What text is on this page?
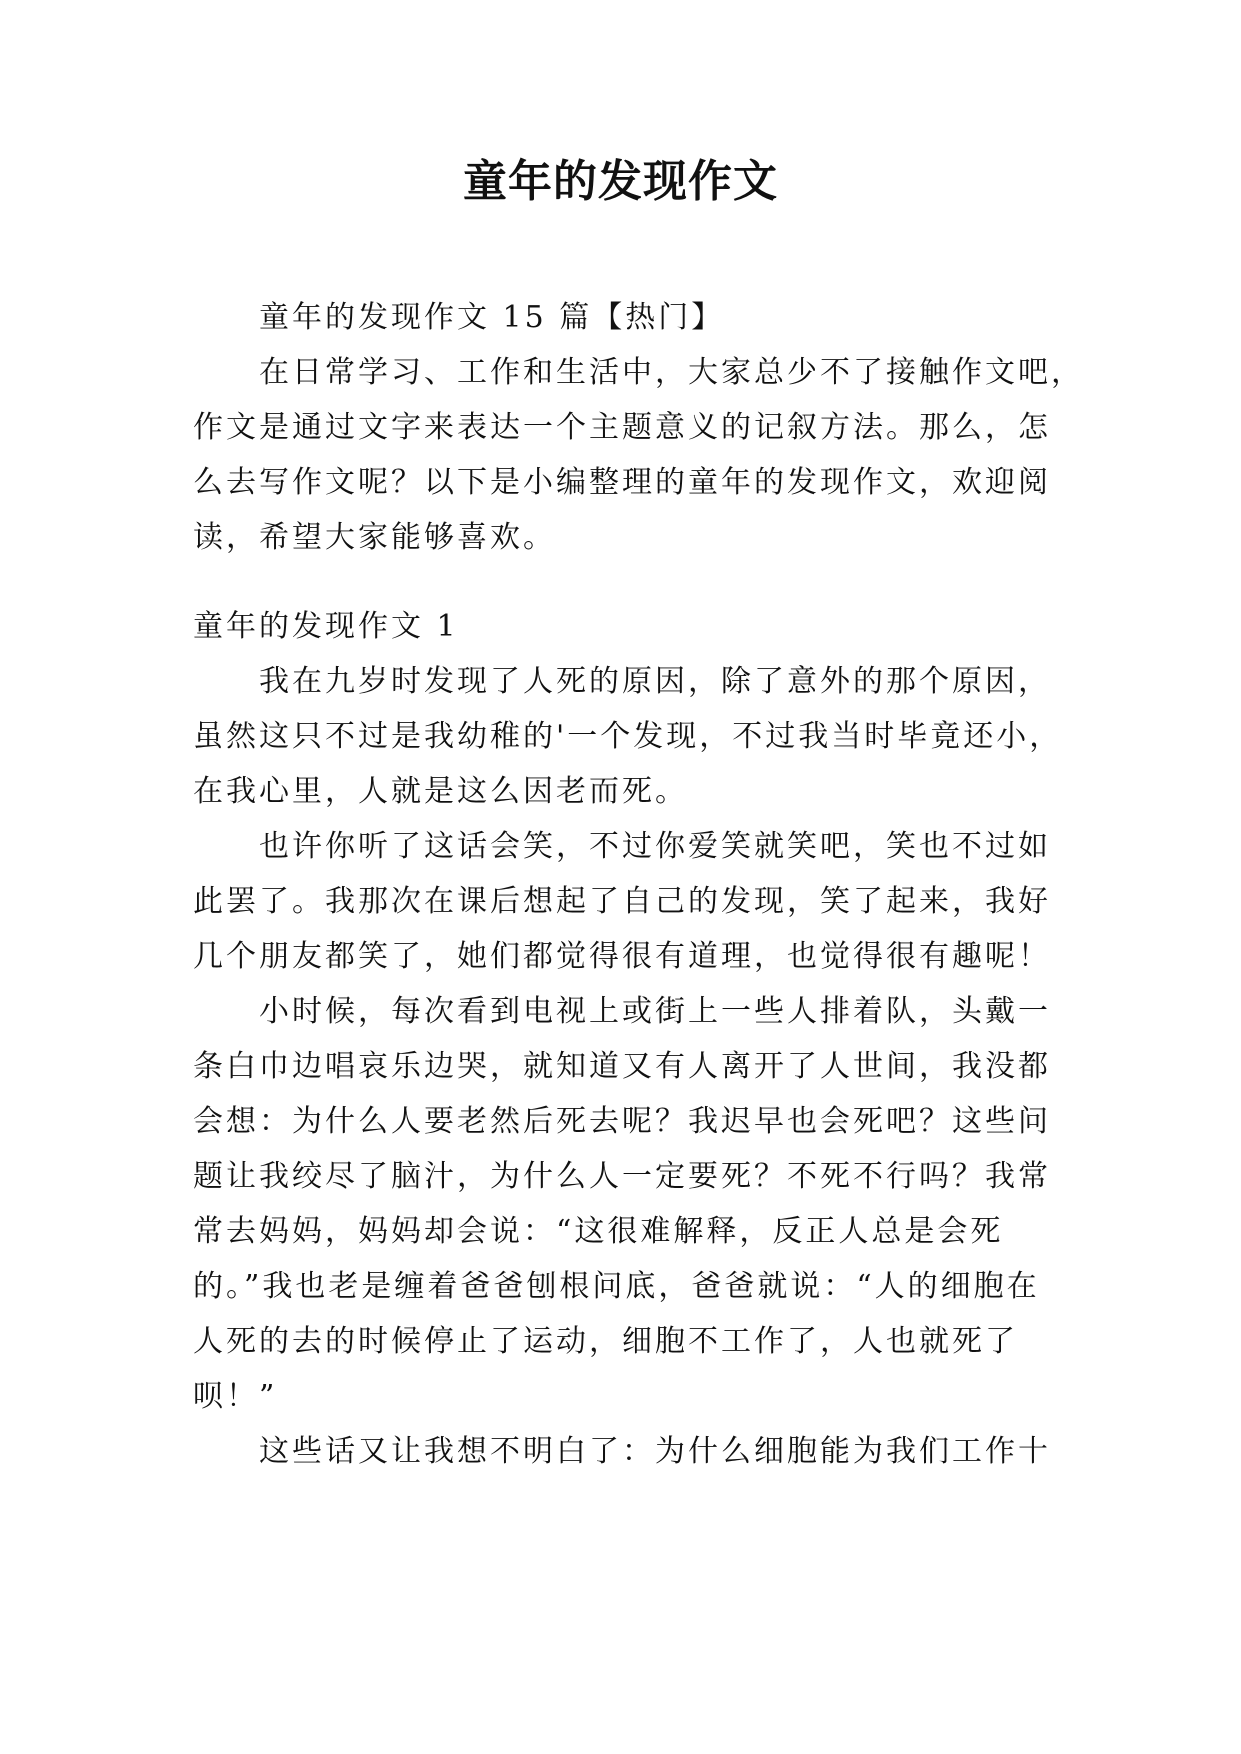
童年的发现作文
童年的发现作文 15 篇【热门】
在日常学习、工作和生活中，大家总少不了接触作文吧，
作文是通过文字来表达一个主题意义的记叙方法。那么，怎
么去写作文呢？以下是小编整理的童年的发现作文，欢迎阅
读，希望大家能够喜欢。
童年的发现作文 1
我在九岁时发现了人死的原因，除了意外的那个原因，
虽然这只不过是我幼稚的'一个发现，不过我当时毕竟还小，
在我心里，人就是这么因老而死。
也许你听了这话会笑，不过你爱笑就笑吧，笑也不过如
此罢了。我那次在课后想起了自己的发现，笑了起来，我好
几个朋友都笑了，她们都觉得很有道理，也觉得很有趣呢！
小时候，每次看到电视上或街上一些人排着队，头戴一
条白巾边唱哀乐边哭，就知道又有人离开了人世间，我没都
会想：为什么人要老然后死去呢？我迟早也会死吧？这些问
题让我绞尽了脑汁，为什么人一定要死？不死不行吗？我常
常去妈妈，妈妈却会说：“这很难解释，反正人总是会死
的。”我也老是缠着爸爸刨根问底，爸爸就说：“人的细胞在
人死的去的时候停止了运动，细胞不工作了，人也就死了
呗！”
这些话又让我想不明白了：为什么细胞能为我们工作十
